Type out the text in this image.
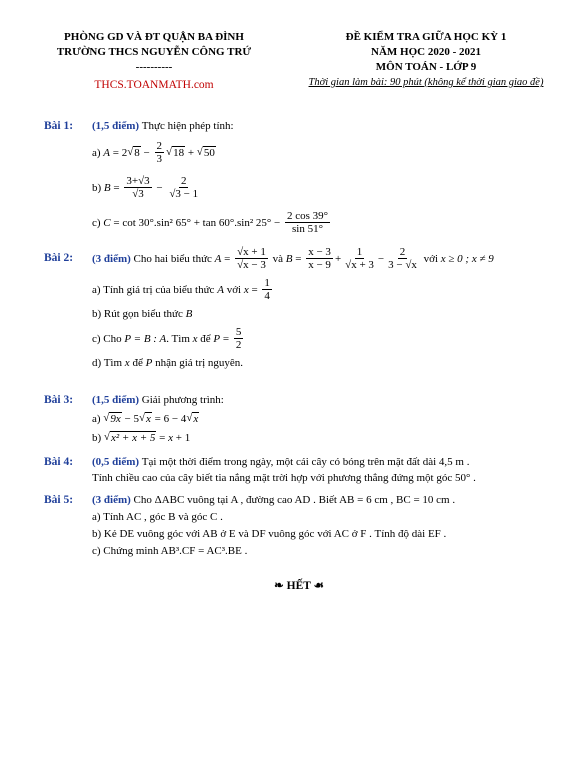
PHÒNG GD VÀ ĐT QUẬN BA ĐÌNH
TRƯỜNG THCS NGUYỄN CÔNG TRỨ
----------
THCS.TOANMATH.com
ĐỀ KIỂM TRA GIỮA HỌC KỲ 1
NĂM HỌC 2020 - 2021
MÔN TOÁN - LỚP 9
Thời gian làm bài: 90 phút (không kể thời gian giao đề)
Bài 1: (1,5 điểm)
Thực hiện phép tính:
a)
A = 2 √ $8 - \frac{2}{3}$ √ 18 + √ 50
b)
$B = \frac{3+√3}{√3} - \frac{2}{√3 - 1}$
c)
C = cot 30°.sin² 65° + tan 60°.sin² $25^\circ - \frac{2 \cos 39^\circ}{\sin 51^\circ}$
Bài 2: (3 điểm)
Cho hai biểu thức
$A = \frac{√x + 1}{√x - 3}$
và
$B = \frac{x - 3}{x - 9} + \frac{1}{√x + 3} - \frac{2}{3 - √x}$
với
x ≥ 0 ; x ≠ 9
a) Tính giá trị của biểu thức
A
với
$x = \frac{1}{4}$
b) Rút gọn biểu thức
B
c) Cho
P = B : A . Tìm
x
để
$P = \frac{5}{2}$
d) Tìm
x
để
P
nhận giá trị nguyên.
Bài 3: (1,5 điểm)
Giải phương trình:
a)
√ 9x − 5 √ x = 6 − 4 √ x
b)
√ x² + x + 5 = x + 1
Bài 4: (0,5 điểm)
Tại một thời điểm trong ngày, một cái cây có bóng trên mặt đất dài 4,5 m .
Tính chiều cao của cây biết tia nắng mặt trời hợp với phương thẳng đứng một góc 50° .
Bài 5: (3 điểm)
Cho ΔABC vuông tại A , đường cao AD . Biết AB = 6 cm , BC = 10 cm .
a) Tính AC , góc B và góc C .
b) Kẻ DE vuông góc với AB ở E và DF vuông góc với AC ở F . Tính độ dài EF .
c) Chứng minh AB³.CF = AC³.BE .
❧ HẾT ☙
